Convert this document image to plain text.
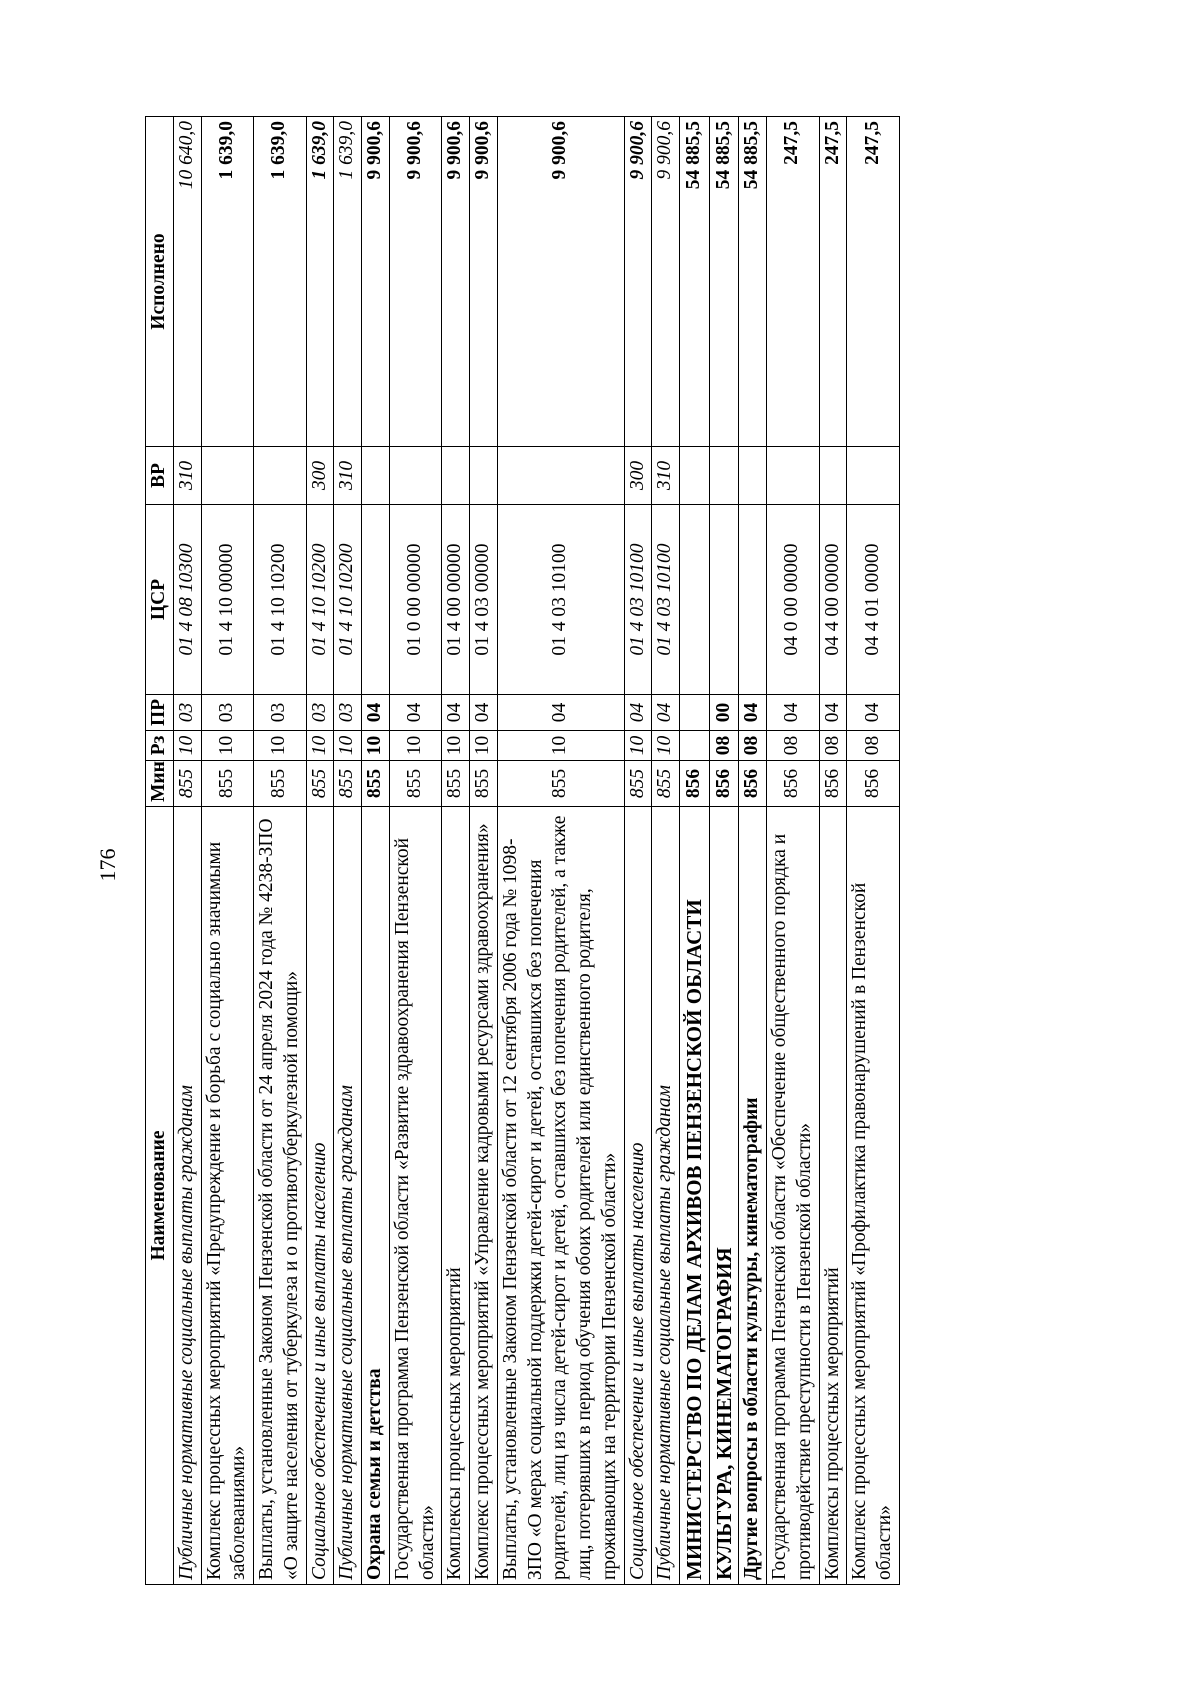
176
Наименование	Мин	Рз	ПР	ЦСР	ВР	Исполнено
Публичные нормативные социальные выплаты гражданам	855	10	03	01 4 08 10300	310	10 640,0
Комплекс процессных мероприятий «Предупреждение и борьба с социально значимыми заболеваниями»	855	10	03	01 4 10 00000		1 639,0
Выплаты, установленные Законом Пензенской области от 24 апреля 2024 года № 4238-ЗПО «О защите населения от туберкулеза и о противотуберкулезной помощи»	855	10	03	01 4 10 10200		1 639,0
Социальное обеспечение и иные выплаты населению	855	10	03	01 4 10 10200	300	1 639,0
Публичные нормативные социальные выплаты гражданам	855	10	03	01 4 10 10200	310	1 639,0
Охрана семьи и детства	855	10	04			9 900,6
Государственная программа Пензенской области «Развитие здравоохранения Пензенской области»	855	10	04	01 0 00 00000		9 900,6
Комплексы процессных мероприятий	855	10	04	01 4 00 00000		9 900,6
Комплекс процессных мероприятий «Управление кадровыми ресурсами здравоохранения»	855	10	04	01 4 03 00000		9 900,6
Выплаты, установленные Законом Пензенской области от 12 сентября 2006 года № 1098-ЗПО «О мерах социальной поддержки детей-сирот и детей, оставшихся без попечения родителей, лиц из числа детей-сирот и детей, оставшихся без попечения родителей, а также лиц, потерявших в период обучения обоих родителей или единственного родителя, проживающих на территории Пензенской области»	855	10	04	01 4 03 10100		9 900,6
Социальное обеспечение и иные выплаты населению	855	10	04	01 4 03 10100	300	9 900,6
Публичные нормативные социальные выплаты гражданам	855	10	04	01 4 03 10100	310	9 900,6
МИНИСТЕРСТВО ПО ДЕЛАМ АРХИВОВ ПЕНЗЕНСКОЙ ОБЛАСТИ	856					54 885,5
КУЛЬТУРА, КИНЕМАТОГРАФИЯ	856	08	00			54 885,5
Другие вопросы в области культуры, кинематографии	856	08	04			54 885,5
Государственная программа Пензенской области «Обеспечение общественного порядка и противодействие преступности в Пензенской области»	856	08	04	04 0 00 00000		247,5
Комплексы процессных мероприятий	856	08	04	04 4 00 00000		247,5
Комплекс процессных мероприятий «Профилактика правонарушений в Пензенской области»	856	08	04	04 4 01 00000		247,5
